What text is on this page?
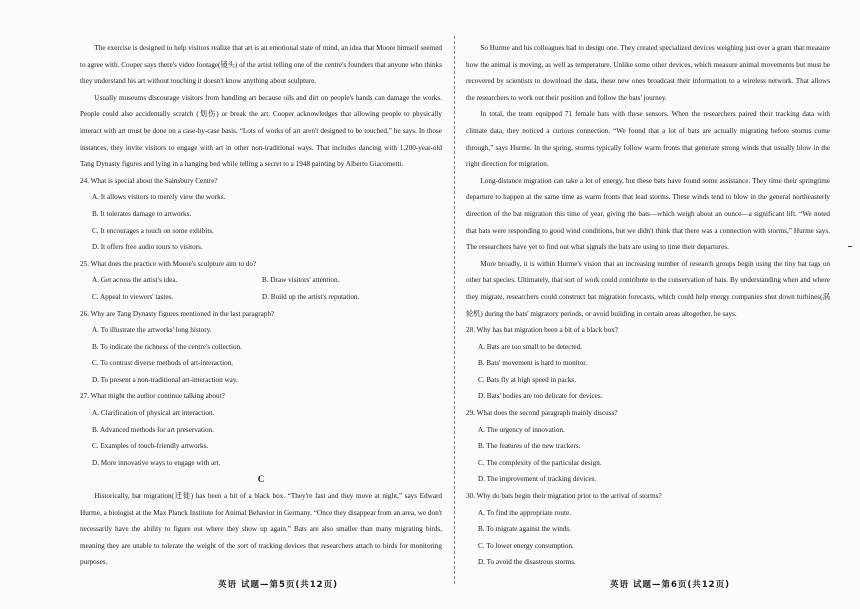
The exercise is designed to help visitors realize that art is an emotional state of mind, an idea that Moore himself seemed to agree with. Cooper says there's video footage(镜头) of the artist telling one of the centre's founders that anyone who thinks they understand his art without touching it doesn't know anything about sculpture.

Usually museums discourage visitors from handling art because oils and dirt on people's hands can damage the works. People could also accidentally scratch (划伤) or break the art. Cooper acknowledges that allowing people to physically interact with art must be done on a case-by-case basis. “Lots of works of art aren't designed to be touched,” he says. In those instances, they invite visitors to engage with art in other non-traditional ways. That includes dancing with 1,200-year-old Tang Dynasty figures and lying in a hanging bed while telling a secret to a 1948 painting by Alberto Giacometti.

24. What is special about the Sainsbury Centre?
A. It allows visitors to merely view the works.
B. It tolerates damage to artworks.
C. It encourages a touch on some exhibits.
D. It offers free audio tours to visitors.
25. What does the practice with Moore's sculpture aim to do?
A. Get across the artist's idea.	B. Draw visitors' attention.
C. Appeal to viewers' tastes.	D. Build up the artist's reputation.
26. Why are Tang Dynasty figures mentioned in the last paragraph?
A. To illustrate the artworks' long history.
B. To indicate the richness of the centre's collection.
C. To contrast diverse methods of art-interaction.
D. To present a non-traditional art-interaction way.
27. What might the author continue talking about?
A. Clarification of physical art interaction.
B. Advanced methods for art preservation.
C. Examples of touch-friendly artworks.
D. More innovative ways to engage with art.
C

Historically, bat migration(迁徙) has been a bit of a black box. “They're fast and they move at night,” says Edward Hurme, a biologist at the Max Planck Institute for Animal Behavior in Germany. “Once they disappear from an area, we don't necessarily have the ability to figure out where they show up again.” Bats are also smaller than many migrating birds, meaning they are unable to tolerate the weight of the sort of tracking devices that researchers attach to birds for monitoring purposes.

So Hurme and his colleagues had to design one. They created specialized devices weighing just over a gram that measure how the animal is moving, as well as temperature. Unlike some other devices, which measure animal movements but must be recovered by scientists to download the data, these new ones broadcast their information to a wireless network. That allows the researchers to work out their position and follow the bats' journey.

In total, the team equipped 71 female bats with these sensors. When the researchers paired their tracking data with climate data, they noticed a curious connection. “We found that a lot of bats are actually migrating before storms come through,” says Hurme. In the spring, storms typically follow warm fronts that generate strong winds that usually blow in the right direction for migration.

Long-distance migration can take a lot of energy, but these bats have found some assistance. They time their springtime departure to happen at the same time as warm fronts that lead storms. These winds tend to blow in the general northeasterly direction of the bat migration this time of year, giving the bats—which weigh about an ounce—a significant lift. “We noted that bats were responding to good wind conditions, but we didn't think that there was a connection with storms,” Hurme says. The researchers have yet to find out what signals the bats are using to time their departures.

More broadly, it is within Hurme's vision that an increasing number of research groups begin using the tiny bat tags on other bat species. Ultimately, that sort of work could contribute to the conservation of bats. By understanding when and where they migrate, researchers could construct bat migration forecasts, which could help energy companies shut down turbines(涡轮机) during the bats' migratory periods, or avoid building in certain areas altogether, he says.

28. Why has bat migration been a bit of a black box?
A. Bats are too small to be detected.
B. Bats' movement is hard to monitor.
C. Bats fly at high speed in packs.
D. Bats' bodies are too delicate for devices.
29. What does the second paragraph mainly discuss?
A. The urgency of innovation.
B. The features of the new trackers.
C. The complexity of the particular design.
D. The improvement of tracking devices.
30. Why do bats begin their migration prior to the arrival of storms?
A. To find the appropriate route.
B. To migrate against the winds.
C. To lower energy consumption.
D. To avoid the disastrous storms.
英语 试题—第5页(共12页)	英语 试题—第6页(共12页)
